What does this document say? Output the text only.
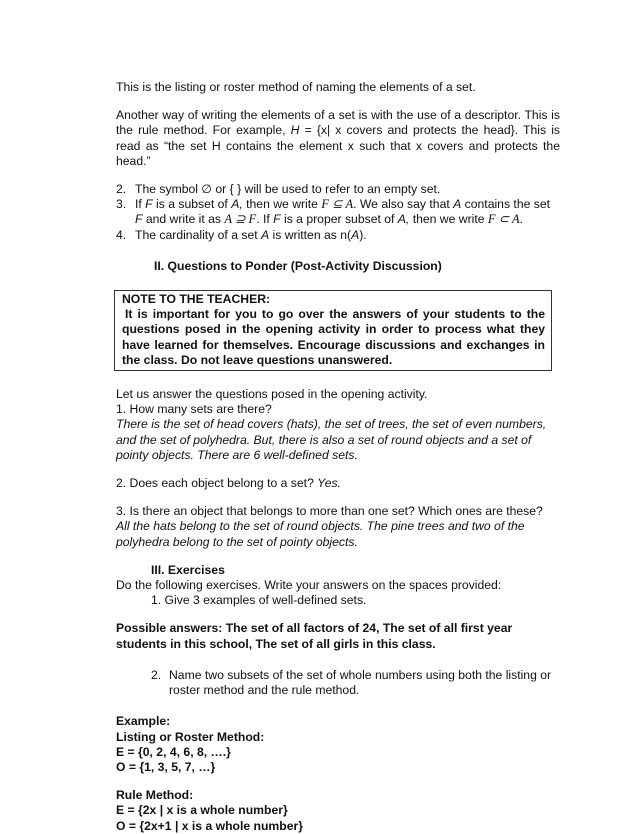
This is the listing or roster method of naming the elements of a set.

Another way of writing the elements of a set is with the use of a descriptor. This is the rule method. For example, H = {x| x covers and protects the head}. This is read as “the set H contains the element x such that x covers and protects the head.”

2. The symbol ∅ or { } will be used to refer to an empty set.
3. If F is a subset of A, then we write F ⊆ A. We also say that A contains the set F and write it as A ⊇ F. If F is a proper subset of A, then we write F ⊂ A.
4. The cardinality of a set A is written as n(A).

II. Questions to Ponder (Post-Activity Discussion)

NOTE TO THE TEACHER:

It is important for you to go over the answers of your students to the questions posed in the opening activity in order to process what they have learned for themselves. Encourage discussions and exchanges in the class. Do not leave questions unanswered.

Let us answer the questions posed in the opening activity.

1. How many sets are there?

There is the set of head covers (hats), the set of trees, the set of even numbers, and the set of polyhedra. But, there is also a set of round objects and a set of pointy objects. There are 6 well-defined sets.

2. Does each object belong to a set? Yes.

3. Is there an object that belongs to more than one set? Which ones are these?

All the hats belong to the set of round objects. The pine trees and two of the polyhedra belong to the set of pointy objects.

III. Exercises

Do the following exercises. Write your answers on the spaces provided:

1. Give 3 examples of well-defined sets.

Possible answers: The set of all factors of 24, The set of all first year students in this school, The set of all girls in this class.

2. Name two subsets of the set of whole numbers using both the listing or roster method and the rule method.

Example:

Listing or Roster Method:

E = {0, 2, 4, 6, 8, ….}

O = {1, 3, 5, 7, …}

Rule Method:

E = {2x | x is a whole number}

O = {2x+1 | x is a whole number}
